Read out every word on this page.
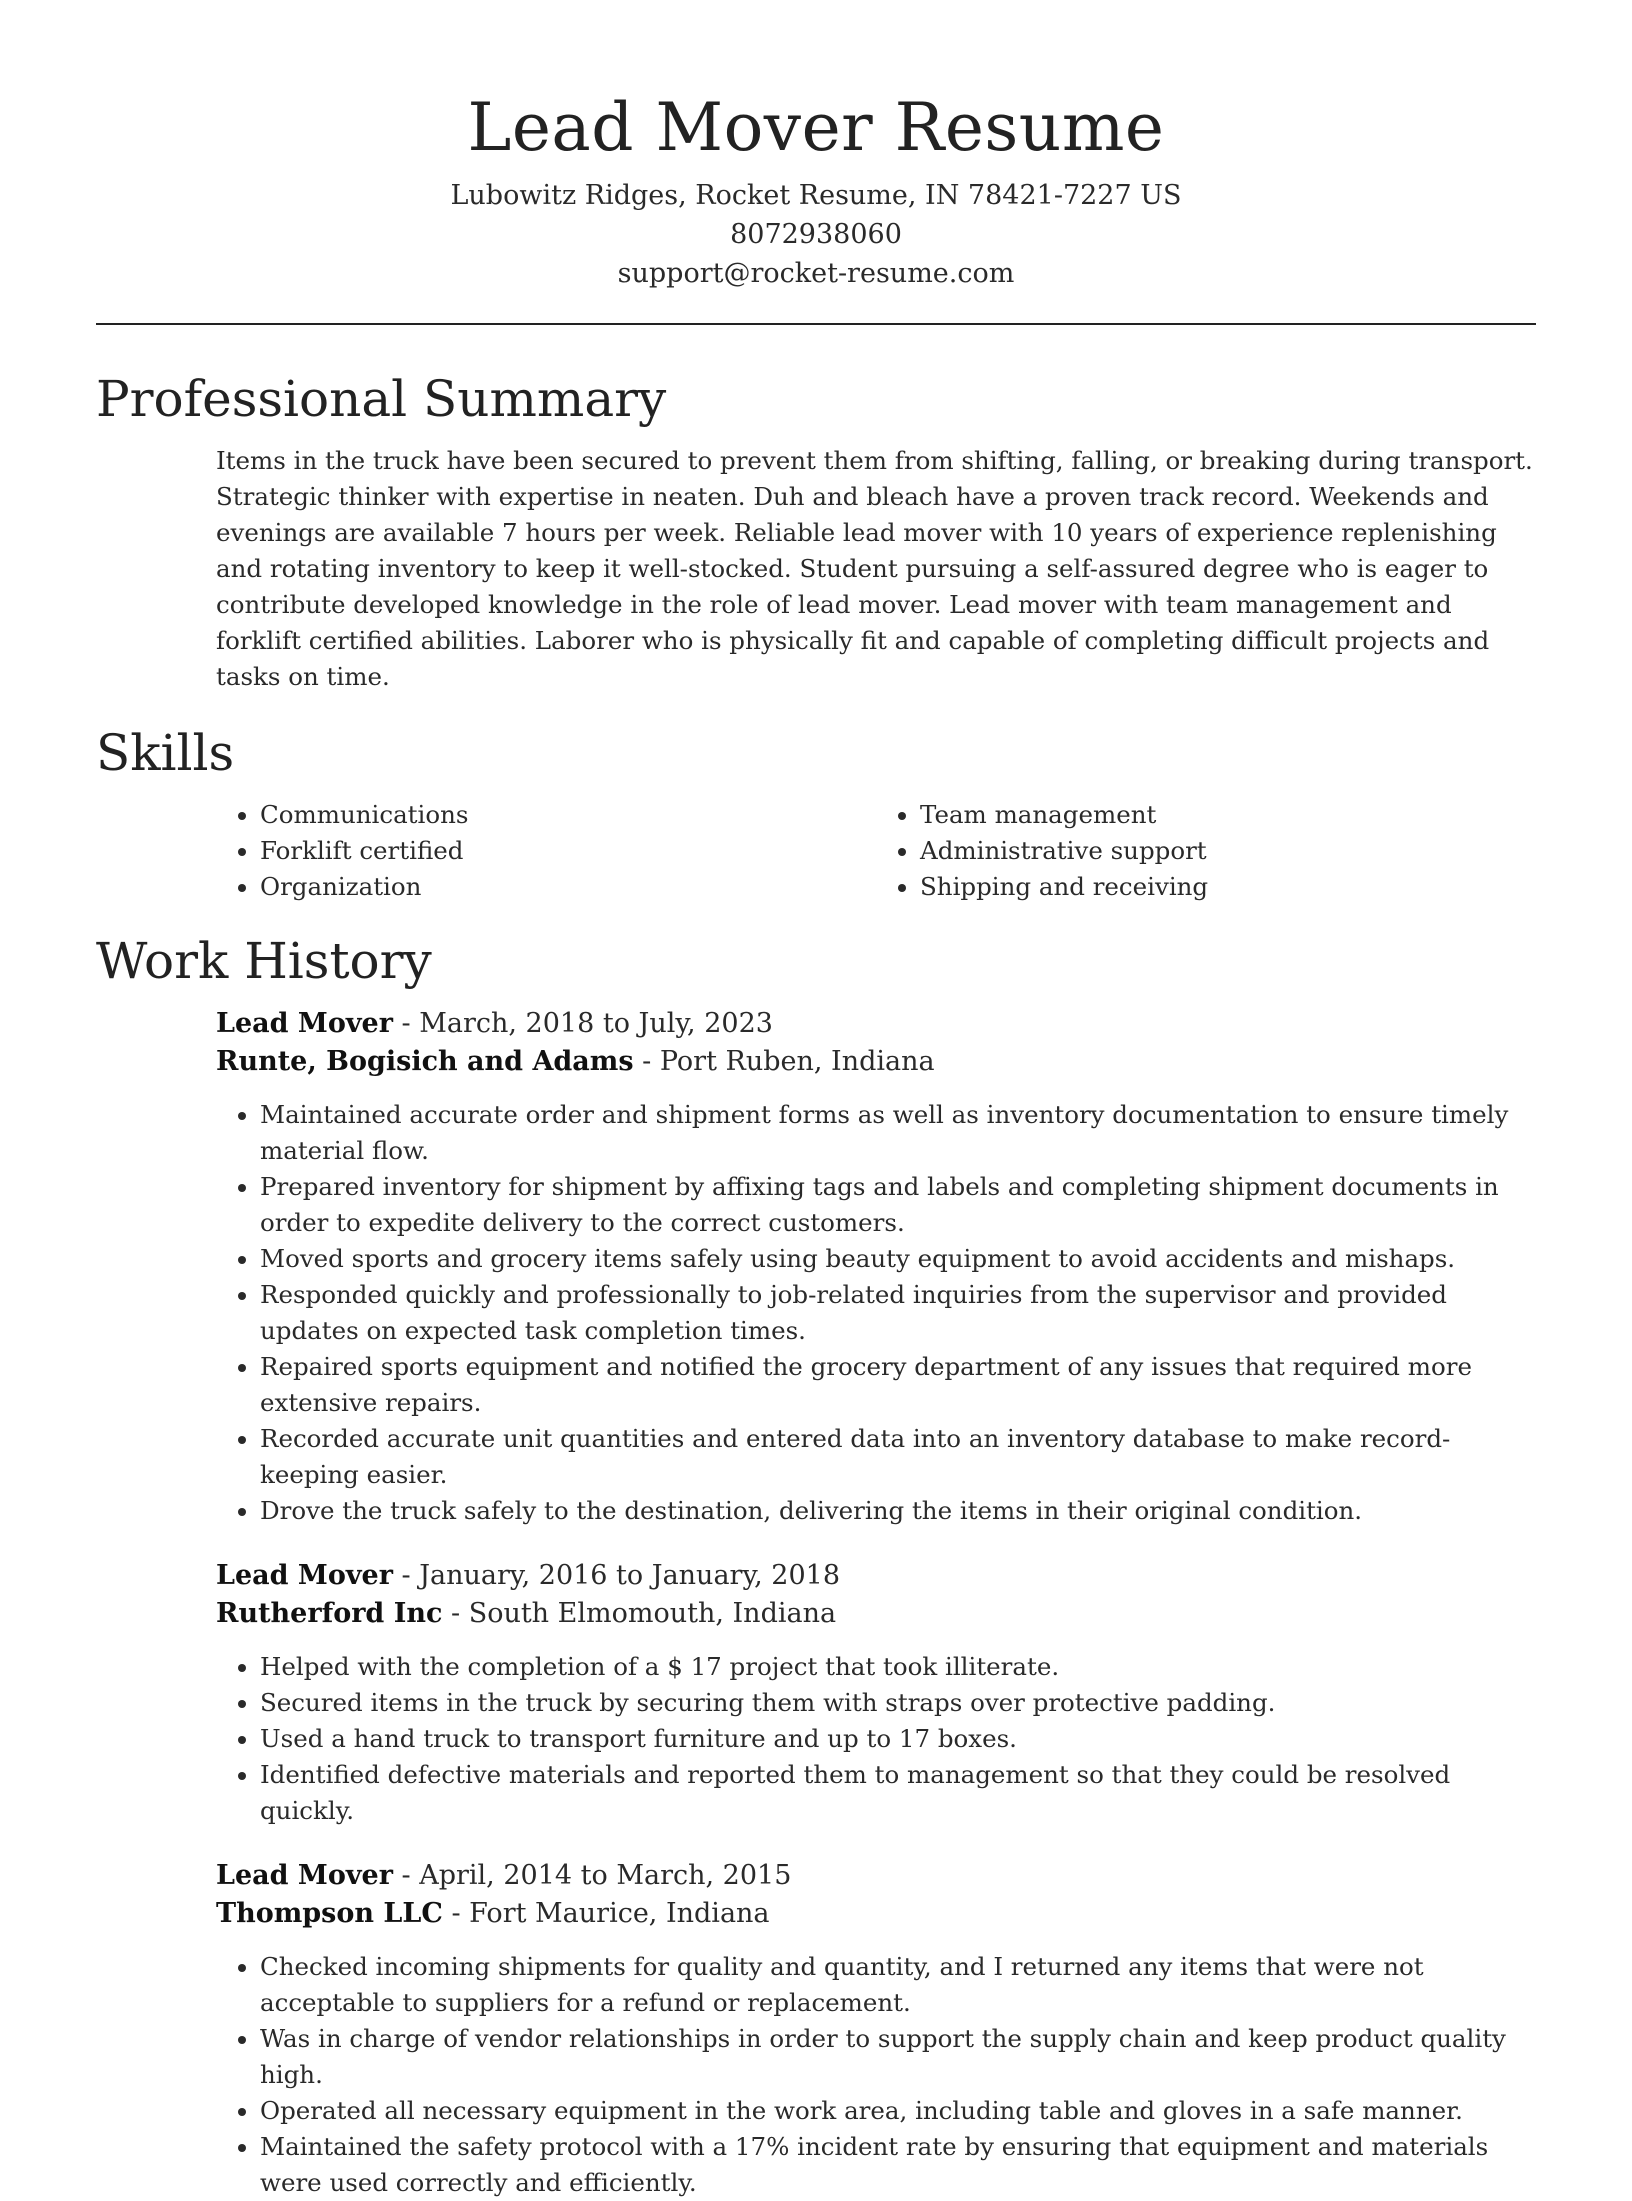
Lead Mover Resume

Lubowitz Ridges, Rocket Resume, IN 78421-7227 US

8072938060

support@rocket-resume.com

Professional Summary

Items in the truck have been secured to prevent them from shifting, falling, or breaking during transport. Strategic thinker with expertise in neaten. Duh and bleach have a proven track record. Weekends and evenings are available 7 hours per week. Reliable lead mover with 10 years of experience replenishing and rotating inventory to keep it well-stocked. Student pursuing a self-assured degree who is eager to contribute developed knowledge in the role of lead mover. Lead mover with team management and forklift certified abilities. Laborer who is physically fit and capable of completing difficult projects and tasks on time.

Skills
• Communications
• Forklift certified
• Organization
• Team management
• Administrative support
• Shipping and receiving
Work History
Lead Mover - March, 2018 to July, 2023
Runte, Bogisich and Adams - Port Ruben, Indiana
• Maintained accurate order and shipment forms as well as inventory documentation to ensure timely material flow.
• Prepared inventory for shipment by affixing tags and labels and completing shipment documents in order to expedite delivery to the correct customers.
• Moved sports and grocery items safely using beauty equipment to avoid accidents and mishaps.
• Responded quickly and professionally to job-related inquiries from the supervisor and provided updates on expected task completion times.
• Repaired sports equipment and notified the grocery department of any issues that required more extensive repairs.
• Recorded accurate unit quantities and entered data into an inventory database to make record-keeping easier.
• Drove the truck safely to the destination, delivering the items in their original condition.
Lead Mover - January, 2016 to January, 2018
Rutherford Inc - South Elmomouth, Indiana
• Helped with the completion of a $ 17 project that took illiterate.
• Secured items in the truck by securing them with straps over protective padding.
• Used a hand truck to transport furniture and up to 17 boxes.
• Identified defective materials and reported them to management so that they could be resolved quickly.
Lead Mover - April, 2014 to March, 2015
Thompson LLC - Fort Maurice, Indiana
• Checked incoming shipments for quality and quantity, and I returned any items that were not acceptable to suppliers for a refund or replacement.
• Was in charge of vendor relationships in order to support the supply chain and keep product quality high.
• Operated all necessary equipment in the work area, including table and gloves in a safe manner.
• Maintained the safety protocol with a 17% incident rate by ensuring that equipment and materials were used correctly and efficiently.
